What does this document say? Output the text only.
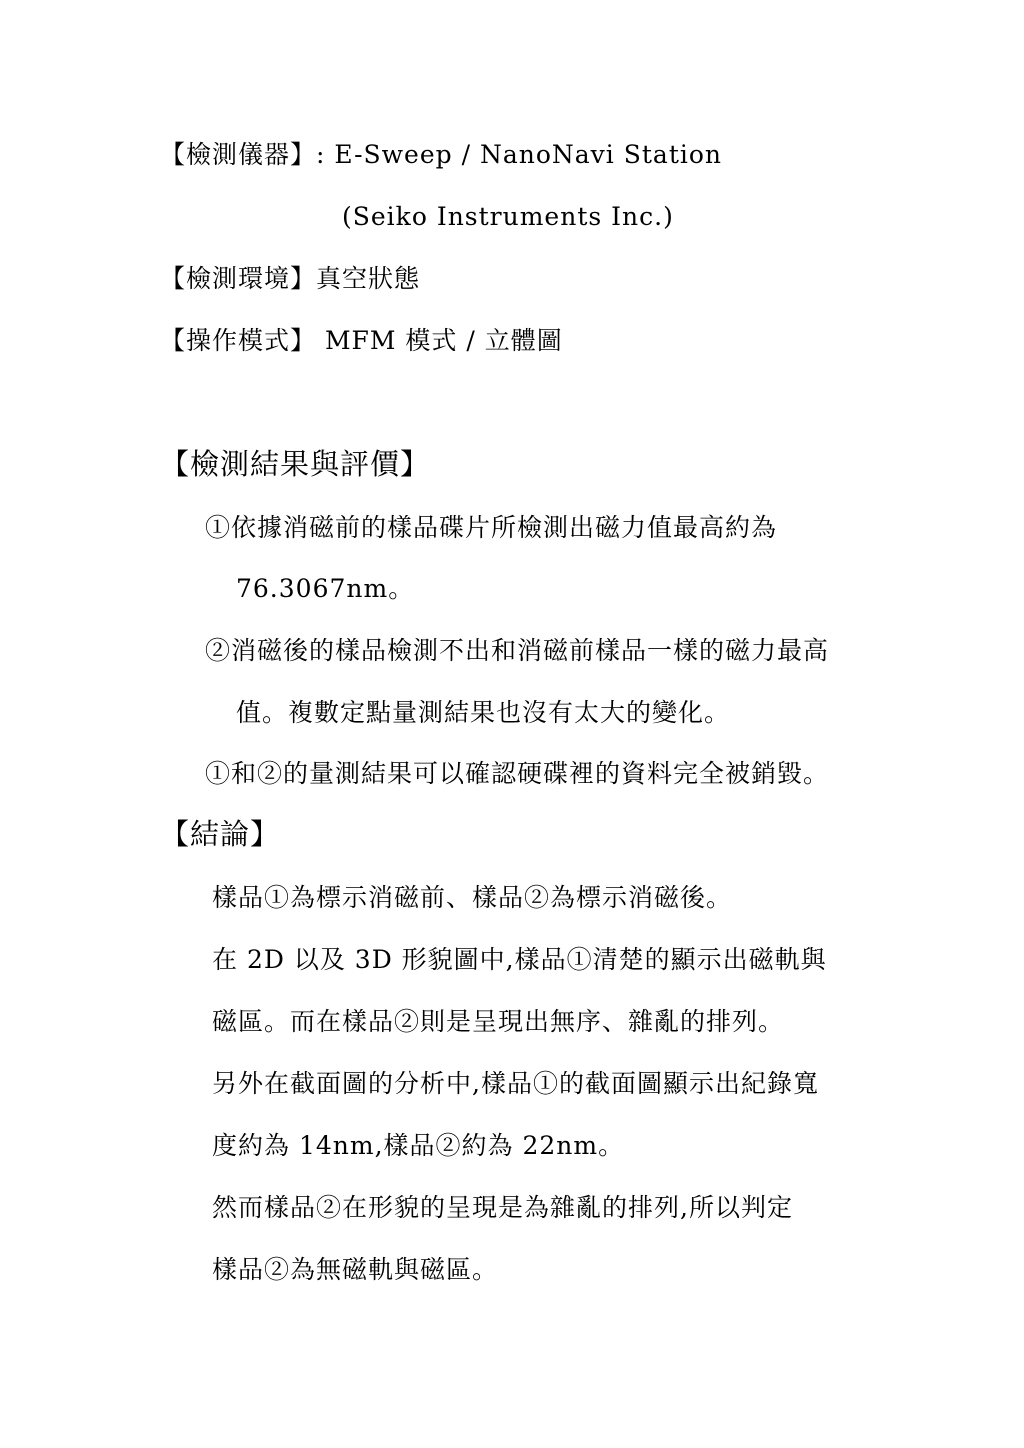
【檢測儀器】: E-Sweep / NanoNavi Station
(Seiko Instruments Inc.)
【檢測環境】真空狀態
【操作模式】 MFM 模式 / 立體圖
【檢測結果與評價】
①依據消磁前的樣品碟片所檢測出磁力值最高約為
76.3067nm。
②消磁後的樣品檢測不出和消磁前樣品一樣的磁力最高
值。複數定點量測結果也沒有太大的變化。
①和②的量測結果可以確認硬碟裡的資料完全被銷毀。
【結論】
樣品①為標示消磁前、樣品②為標示消磁後。
在 2D 以及 3D 形貌圖中,樣品①清楚的顯示出磁軌與
磁區。而在樣品②則是呈現出無序、雜亂的排列。
另外在截面圖的分析中,樣品①的截面圖顯示出紀錄寬
度約為 14nm,樣品②約為 22nm。
然而樣品②在形貌的呈現是為雜亂的排列,所以判定
樣品②為無磁軌與磁區。
